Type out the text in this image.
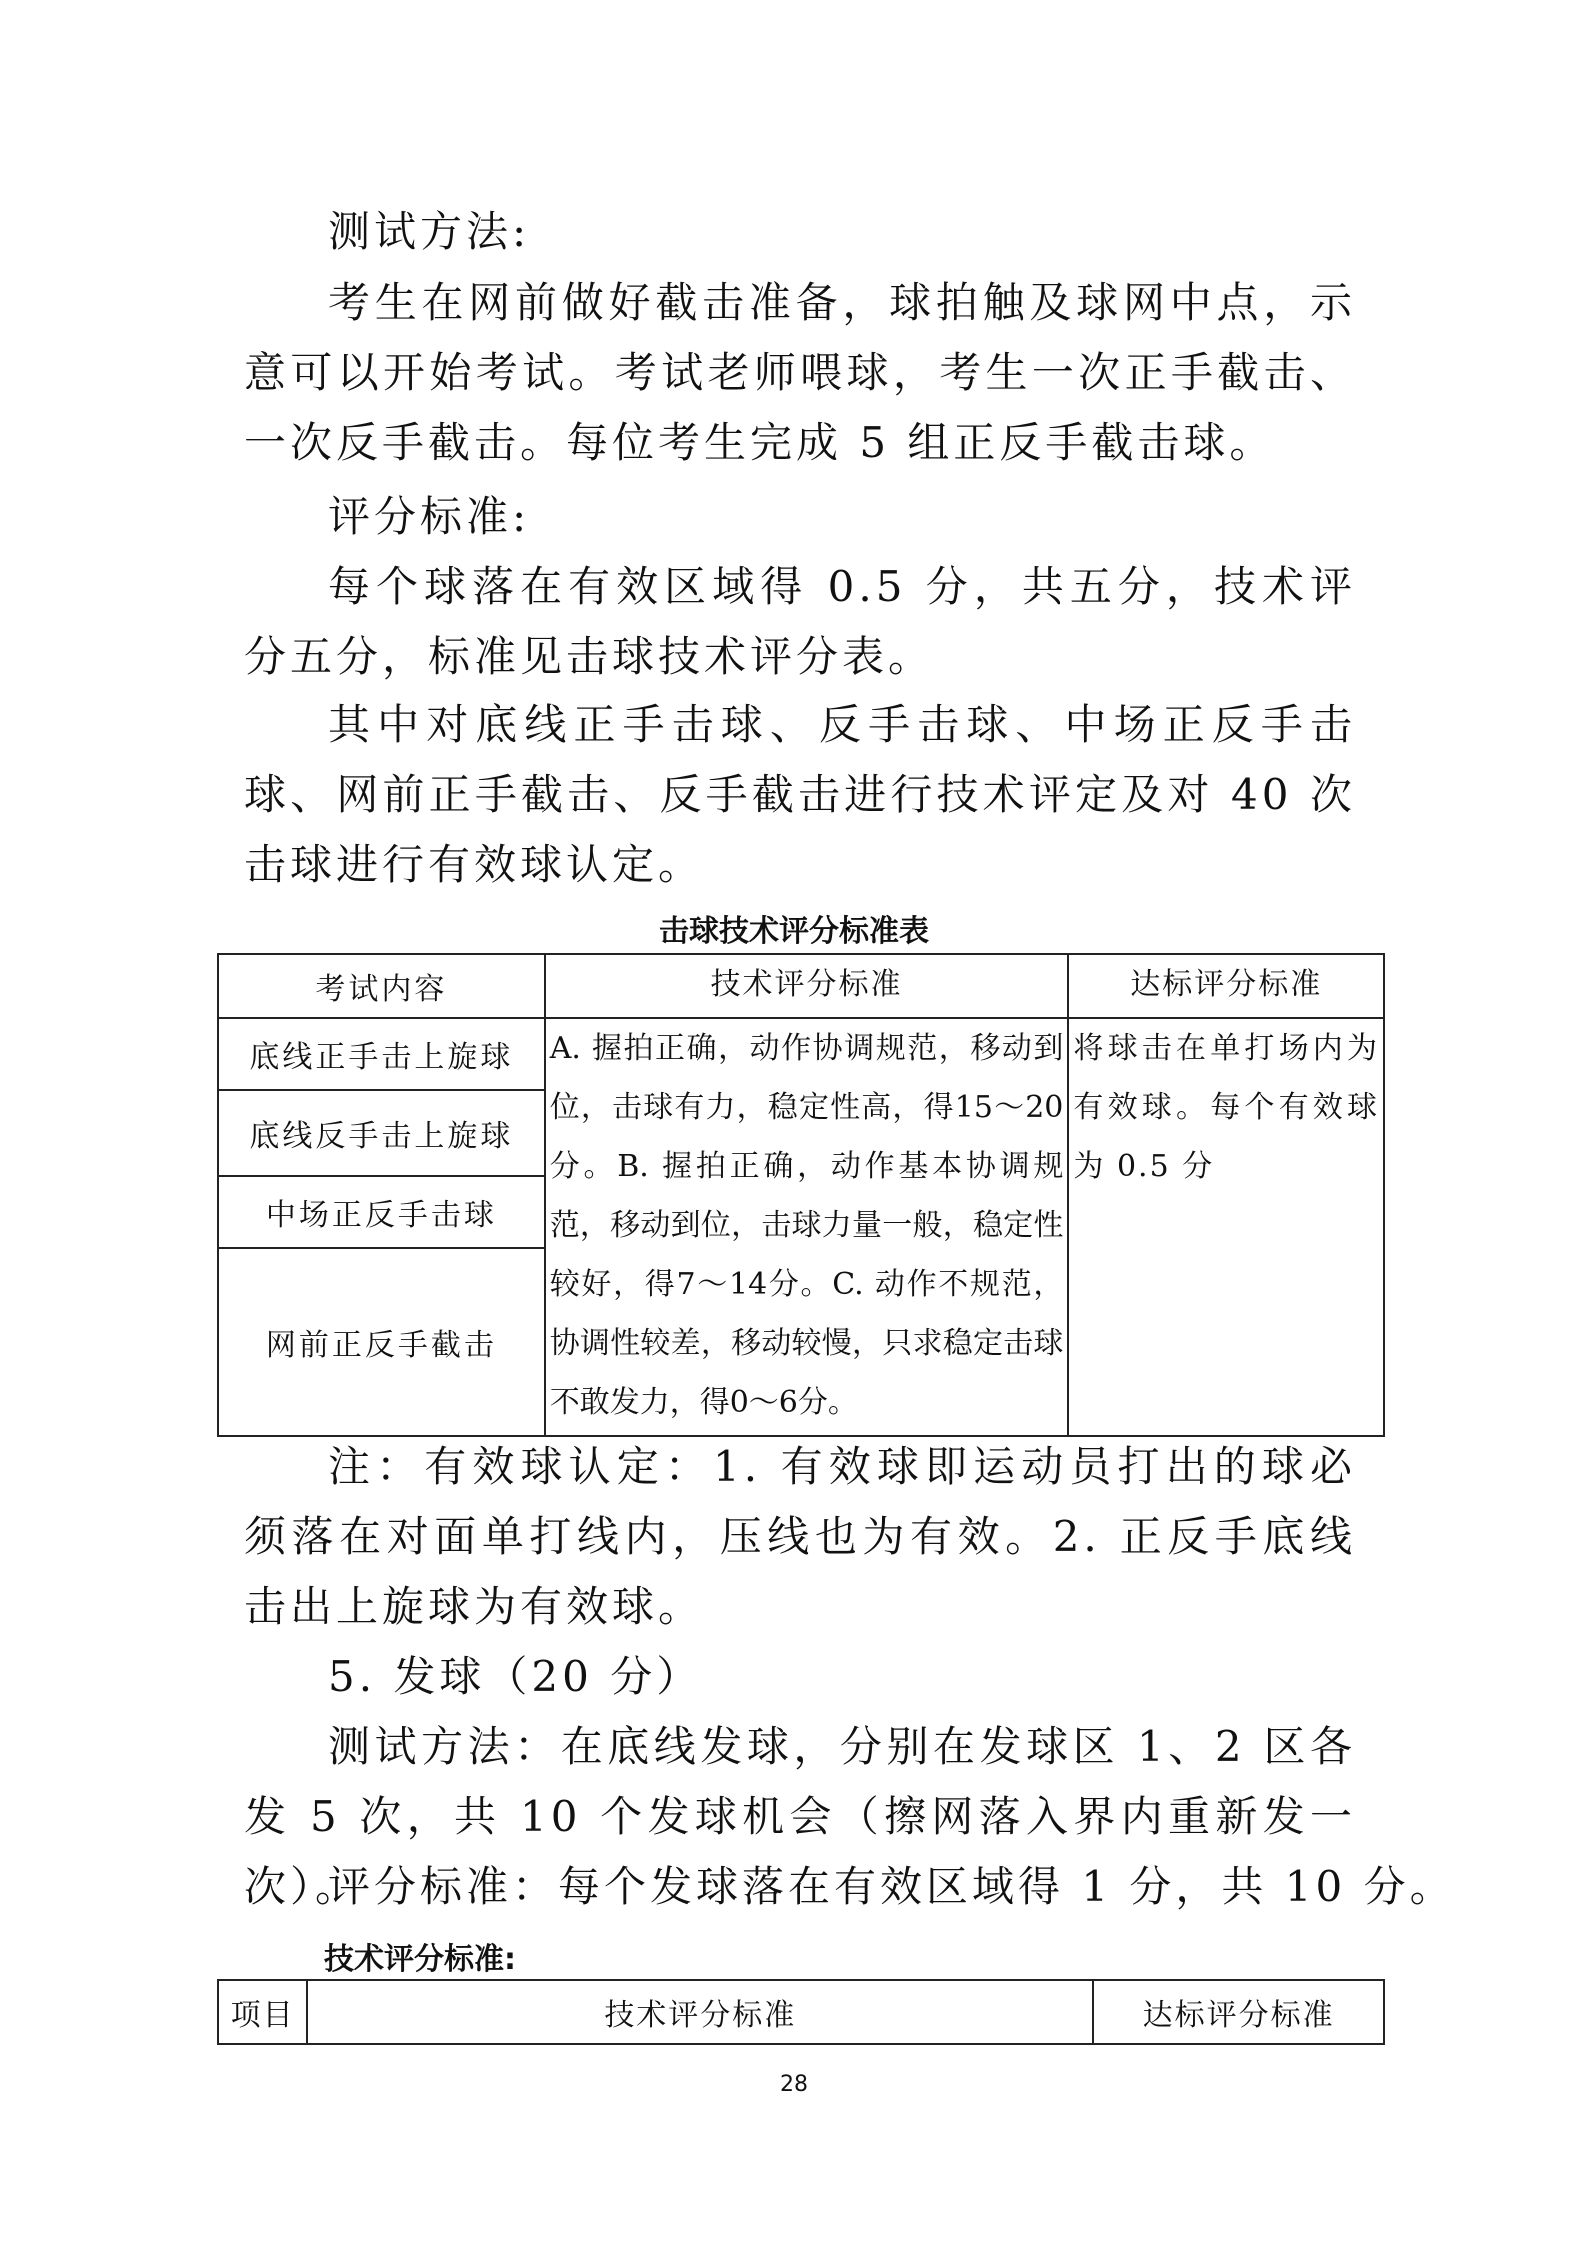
测试方法:
考生在网前做好截击准备，球拍触及球网中点，示意可以开始考试。考试老师喂球，考生一次正手截击、一次反手截击。每位考生完成 5 组正反手截击球。
评分标准:
每个球落在有效区域得 0.5 分，共五分，技术评分五分，标准见击球技术评分表。
其中对底线正手击球、反手击球、中场正反手击球、网前正手截击、反手截击进行技术评定及对 40 次击球进行有效球认定。
击球技术评分标准表
考试内容	技术评分标准	达标评分标准
底线正手击上旋球	A. 握拍正确，动作协调规范，移动到位，击球有力，稳定性高，得15～20分。B. 握拍正确，动作基本协调规范，移动到位，击球力量一般，稳定性较好，得7～14分。C. 动作不规范，协调性较差，移动较慢，只求稳定击球不敢发力，得0～6分。	将球击在单打场内为有效球。每个有效球为 0.5 分
底线反手击上旋球		
中场正反手击球		
网前正反手截击		
注：有效球认定：1. 有效球即运动员打出的球必须落在对面单打线内，压线也为有效。2. 正反手底线击出上旋球为有效球。
5. 发球（20 分）
测试方法：在底线发球，分别在发球区 1、2 区各发 5 次，共 10 个发球机会（擦网落入界内重新发一次）。
评分标准：每个发球落在有效区域得 1 分，共 10 分。
技术评分标准:
项目	技术评分标准	达标评分标准
28
